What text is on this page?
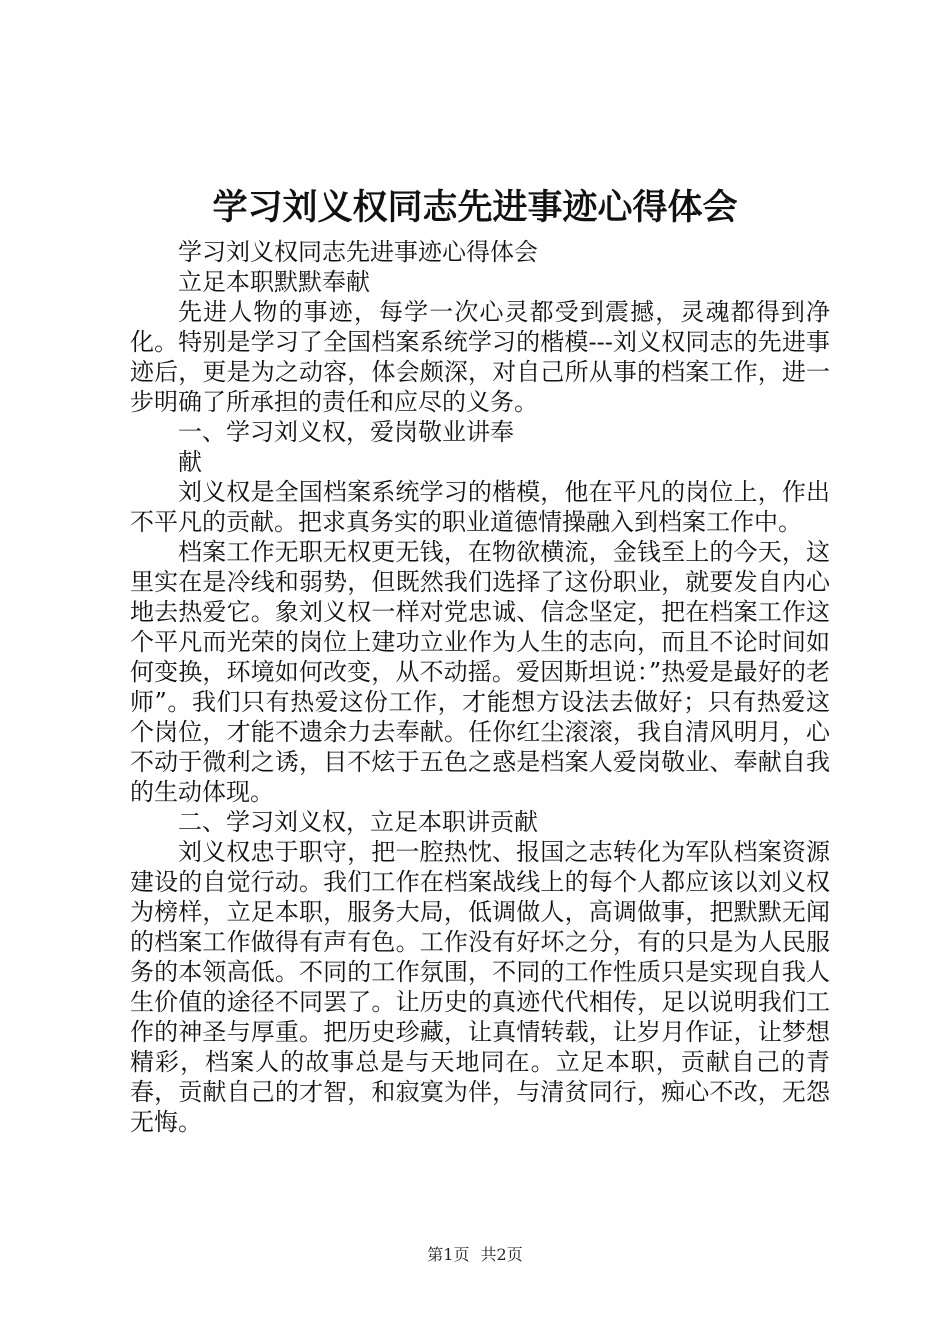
学习刘义权同志先进事迹心得体会

学习刘义权同志先进事迹心得体会

立足本职默默奉献

先进人物的事迹，每学一次心灵都受到震撼，灵魂都得到净化。特别是学习了全国档案系统学习的楷模---刘义权同志的先进事迹后，更是为之动容，体会颇深，对自己所从事的档案工作，进一步明确了所承担的责任和应尽的义务。

一、学习刘义权，爱岗敬业讲奉

献

刘义权是全国档案系统学习的楷模，他在平凡的岗位上，作出不平凡的贡献。把求真务实的职业道德情操融入到档案工作中。

档案工作无职无权更无钱，在物欲横流，金钱至上的今天，这里实在是冷线和弱势，但既然我们选择了这份职业，就要发自内心地去热爱它。象刘义权一样对党忠诚、信念坚定，把在档案工作这个平凡而光荣的岗位上建功立业作为人生的志向，而且不论时间如何变换，环境如何改变，从不动摇。爱因斯坦说：”热爱是最好的老师”。我们只有热爱这份工作，才能想方设法去做好；只有热爱这个岗位，才能不遗余力去奉献。任你红尘滚滚，我自清风明月，心不动于微利之诱，目不炫于五色之惑是档案人爱岗敬业、奉献自我的生动体现。

二、学习刘义权，立足本职讲贡献

刘义权忠于职守，把一腔热忱、报国之志转化为军队档案资源建设的自觉行动。我们工作在档案战线上的每个人都应该以刘义权为榜样，立足本职，服务大局，低调做人，高调做事，把默默无闻的档案工作做得有声有色。工作没有好坏之分，有的只是为人民服务的本领高低。不同的工作氛围，不同的工作性质只是实现自我人生价值的途径不同罢了。让历史的真迹代代相传，足以说明我们工作的神圣与厚重。把历史珍藏，让真情转载，让岁月作证，让梦想精彩，档案人的故事总是与天地同在。立足本职，贡献自己的青春，贡献自己的才智，和寂寞为伴，与清贫同行，痴心不改，无怨无悔。

第1页 共2页
